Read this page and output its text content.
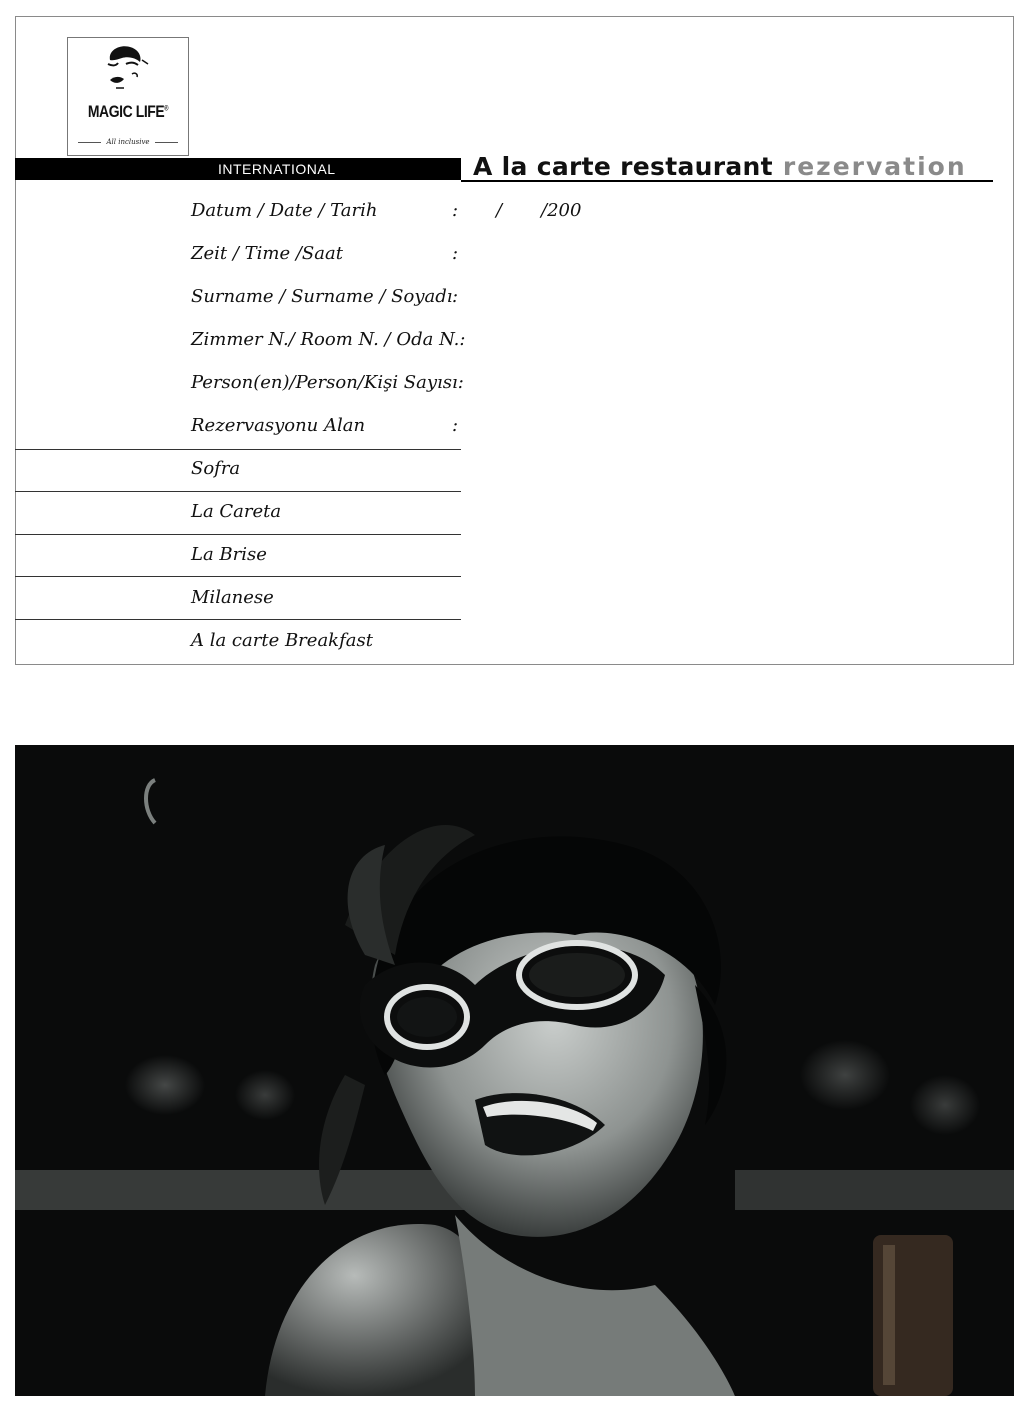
MAGIC LIFE®
All inclusive
INTERNATIONAL	A la carte restaurant rezervation
Datum / Date / Tarih	: / /200
Zeit / Time /Saat	:
Surname / Surname / Soyadı :
Zimmer N./ Room N. / Oda N.:
Person(en)/Person/Kişi Sayısı:
Rezervasyonu Alan	:
Sofra
La Careta
La Brise
Milanese
A la carte Breakfast
